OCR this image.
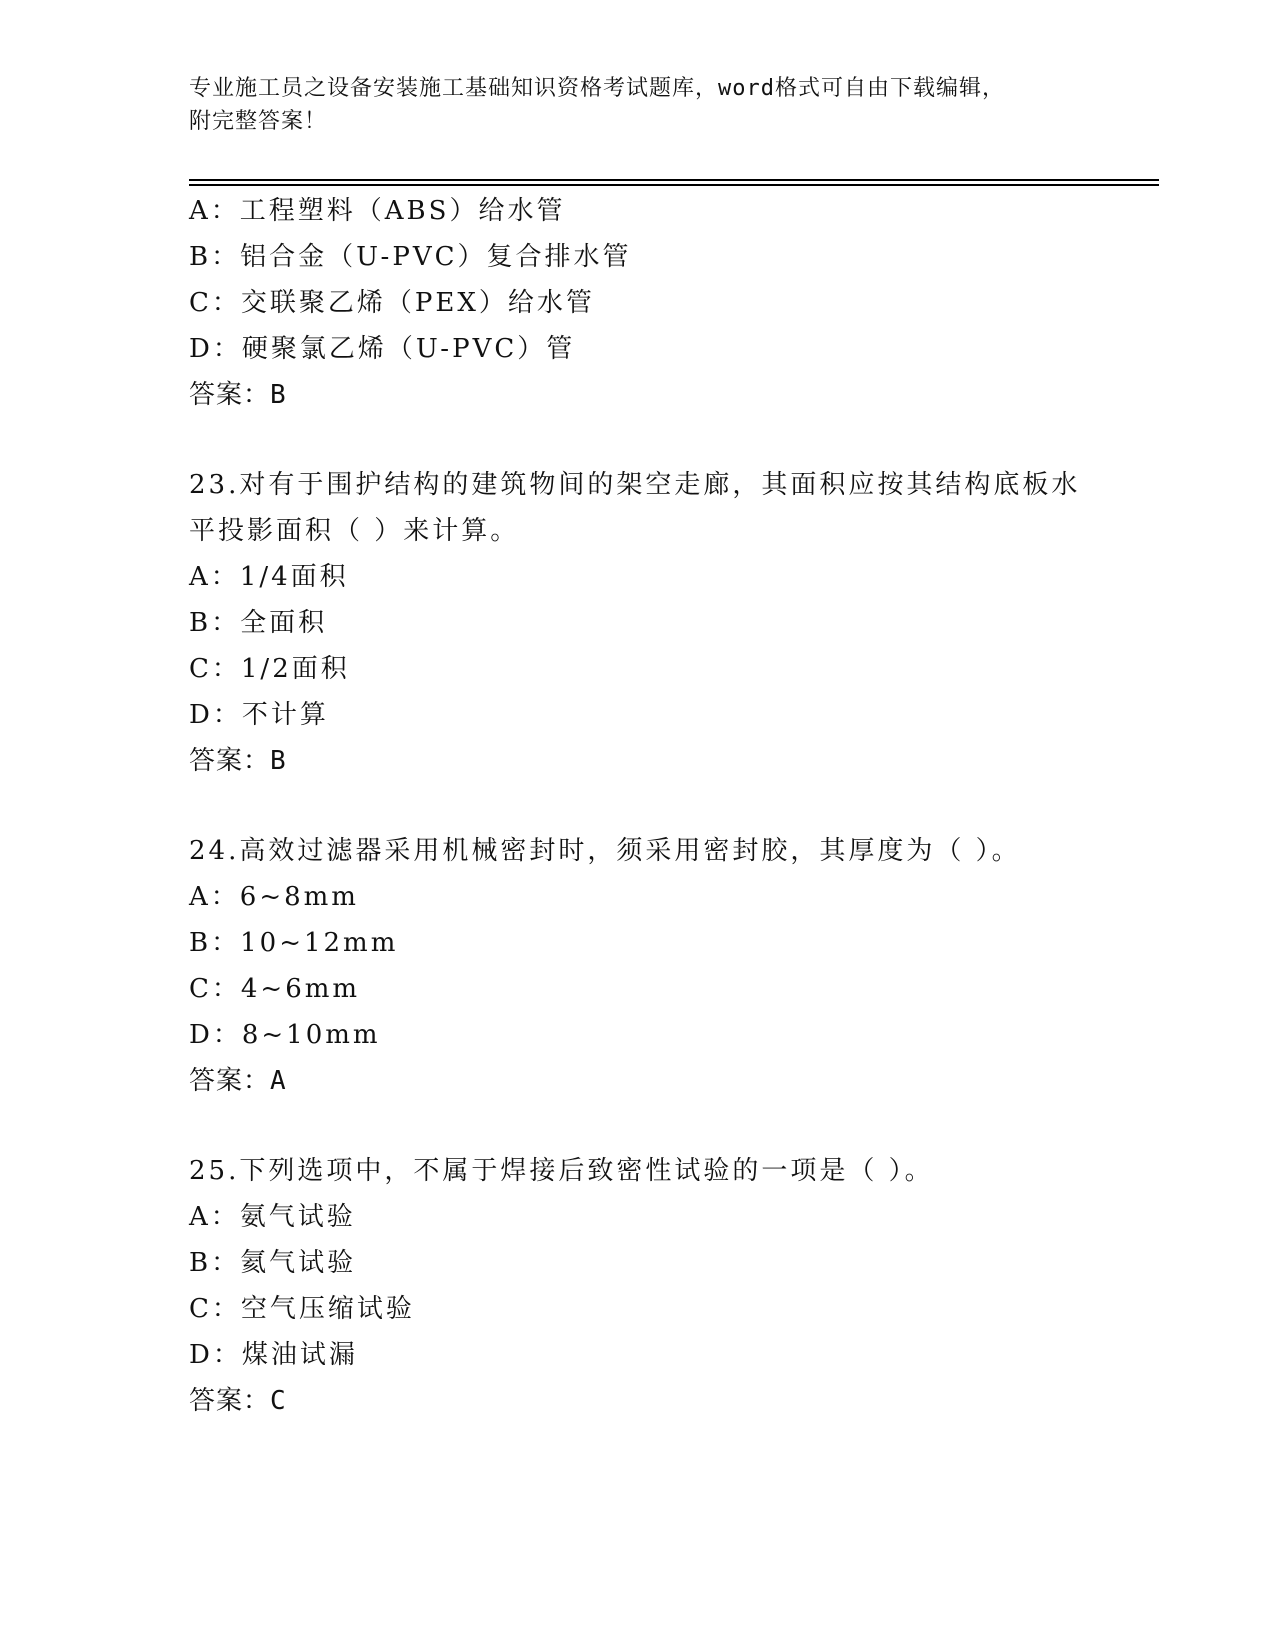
专业施工员之设备安装施工基础知识资格考试题库，word格式可自由下载编辑，
附完整答案！
A：工程塑料（ABS）给水管
B：铝合金（U-PVC）复合排水管
C：交联聚乙烯（PEX）给水管
D：硬聚氯乙烯（U-PVC）管
答案：B
23.对有于围护结构的建筑物间的架空走廊，其面积应按其结构底板水
平投影面积（ ）来计算。
A：1/4面积
B：全面积
C：1/2面积
D：不计算
答案：B
24.高效过滤器采用机械密封时，须采用密封胶，其厚度为（ ）。
A：6~8mm
B：10~12mm
C：4~6mm
D：8~10mm
答案：A
25.下列选项中，不属于焊接后致密性试验的一项是（ ）。
A：氨气试验
B：氦气试验
C：空气压缩试验
D：煤油试漏
答案：C
